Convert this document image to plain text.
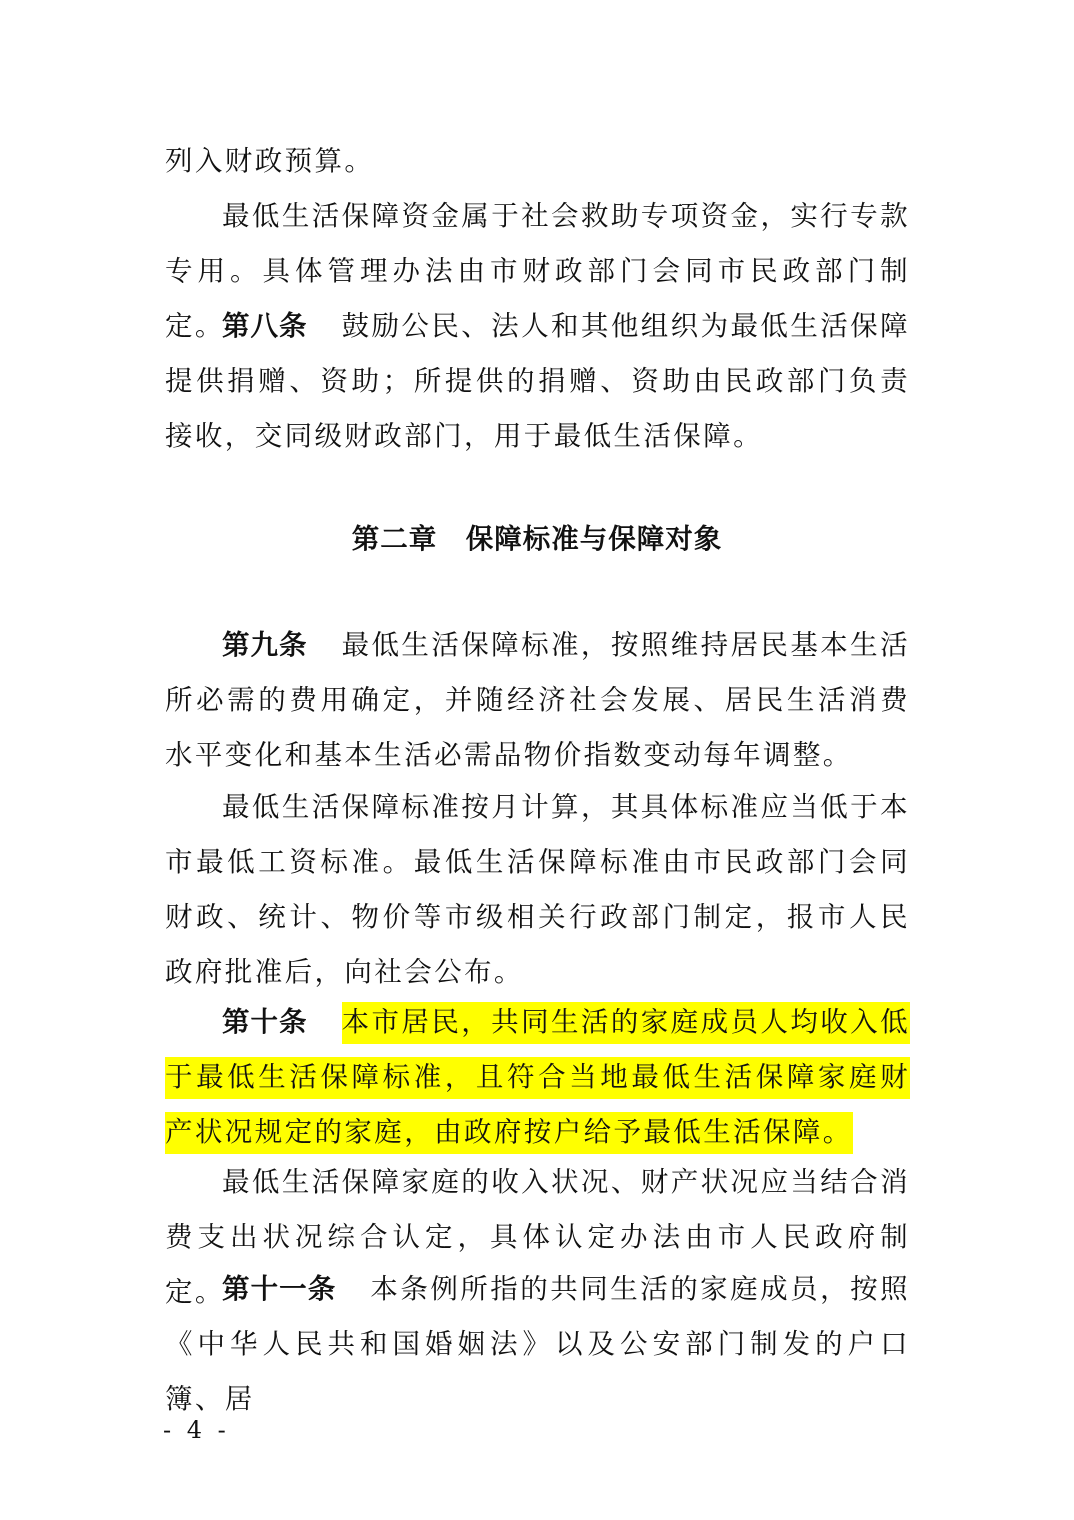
列入财政预算。

最低生活保障资金属于社会救助专项资金，实行专款专用。具体管理办法由市财政部门会同市民政部门制定。

第八条 鼓励公民、法人和其他组织为最低生活保障提供捐赠、资助；所提供的捐赠、资助由民政部门负责接收，交同级财政部门，用于最低生活保障。

第二章　保障标准与保障对象

第九条 最低生活保障标准，按照维持居民基本生活所必需的费用确定，并随经济社会发展、居民生活消费水平变化和基本生活必需品物价指数变动每年调整。

最低生活保障标准按月计算，其具体标准应当低于本市最低工资标准。最低生活保障标准由市民政部门会同财政、统计、物价等市级相关行政部门制定，报市人民政府批准后，向社会公布。

第十条 本市居民，共同生活的家庭成员人均收入低于最低生活保障标准，且符合当地最低生活保障家庭财产状况规定的家庭，由政府按户给予最低生活保障。

最低生活保障家庭的收入状况、财产状况应当结合消费支出状况综合认定，具体认定办法由市人民政府制定。

第十一条 本条例所指的共同生活的家庭成员，按照《中华人民共和国婚姻法》以及公安部门制发的户口簿、居

- 4 -
